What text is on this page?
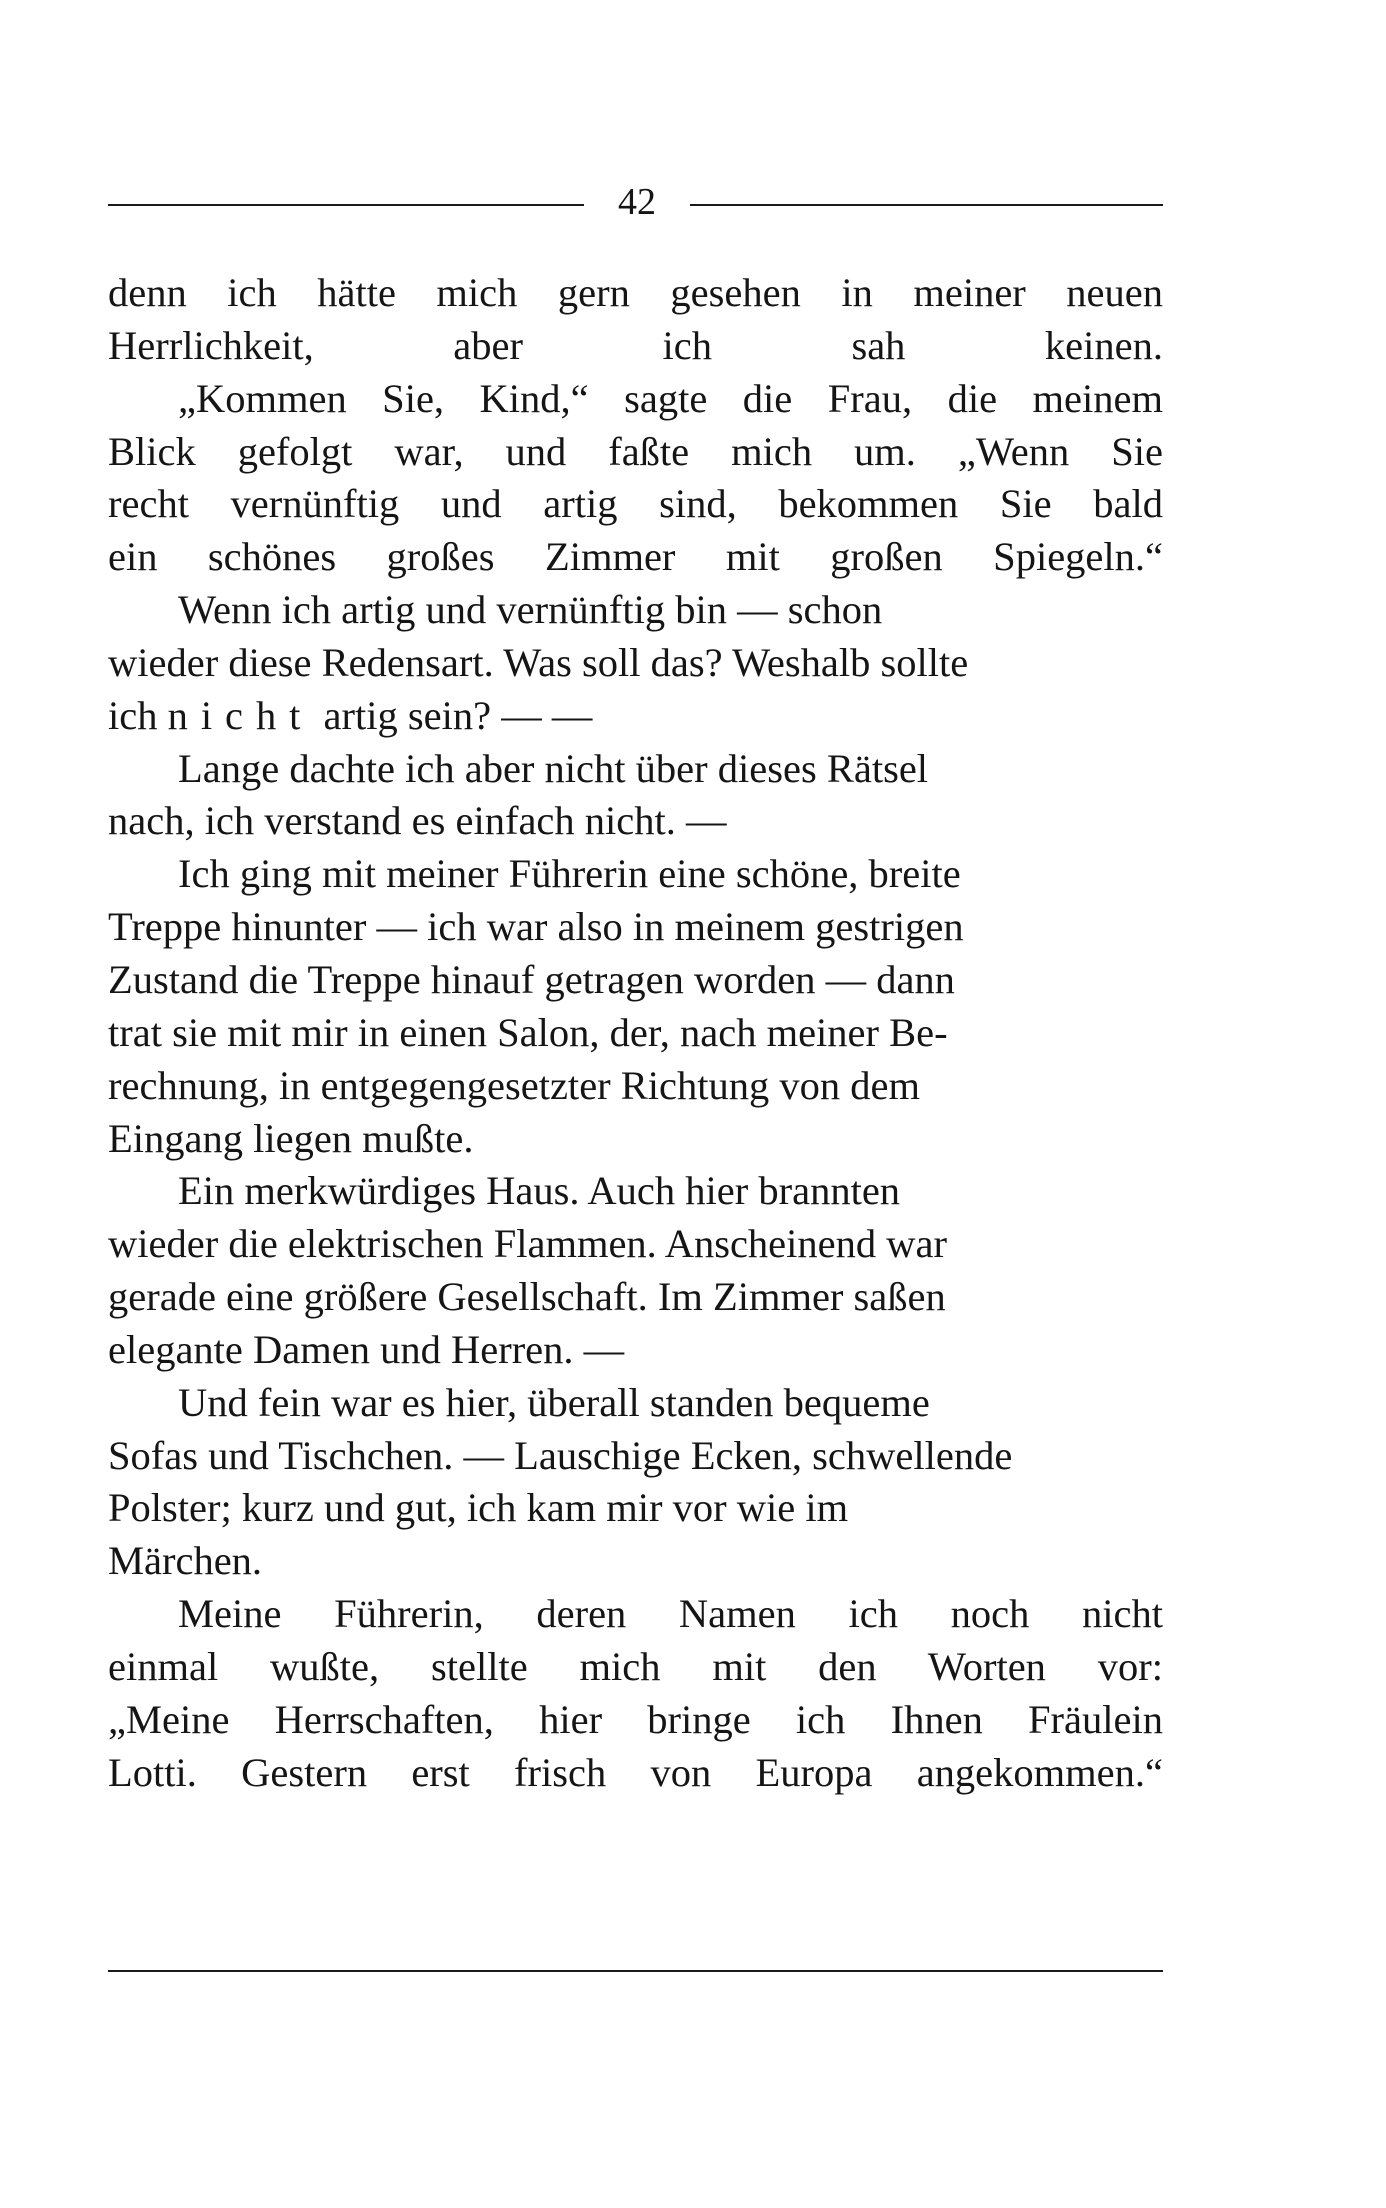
42

denn ich hätte mich gern gesehen in meiner neuen
Herrlichkeit, aber ich sah keinen.

„Kommen Sie, Kind,“ sagte die Frau, die meinem
Blick gefolgt war, und faßte mich um. „Wenn Sie
recht vernünftig und artig sind, bekommen Sie bald
ein schönes großes Zimmer mit großen Spiegeln.“

Wenn ich artig und vernünftig bin — schon
wieder diese Redensart. Was soll das? Weshalb sollte
ich nicht artig sein? — —

Lange dachte ich aber nicht über dieses Rätsel
nach, ich verstand es einfach nicht. —

Ich ging mit meiner Führerin eine schöne, breite
Treppe hinunter — ich war also in meinem gestrigen
Zustand die Treppe hinauf getragen worden — dann
trat sie mit mir in einen Salon, der, nach meiner Be-
rechnung, in entgegengesetzter Richtung von dem
Eingang liegen mußte.

Ein merkwürdiges Haus. Auch hier brannten
wieder die elektrischen Flammen. Anscheinend war
gerade eine größere Gesellschaft. Im Zimmer saßen
elegante Damen und Herren. —

Und fein war es hier, überall standen bequeme
Sofas und Tischchen. — Lauschige Ecken, schwellende
Polster; kurz und gut, ich kam mir vor wie im
Märchen.

Meine Führerin, deren Namen ich noch nicht
einmal wußte, stellte mich mit den Worten vor:
„Meine Herrschaften, hier bringe ich Ihnen Fräulein
Lotti. Gestern erst frisch von Europa angekommen.“
